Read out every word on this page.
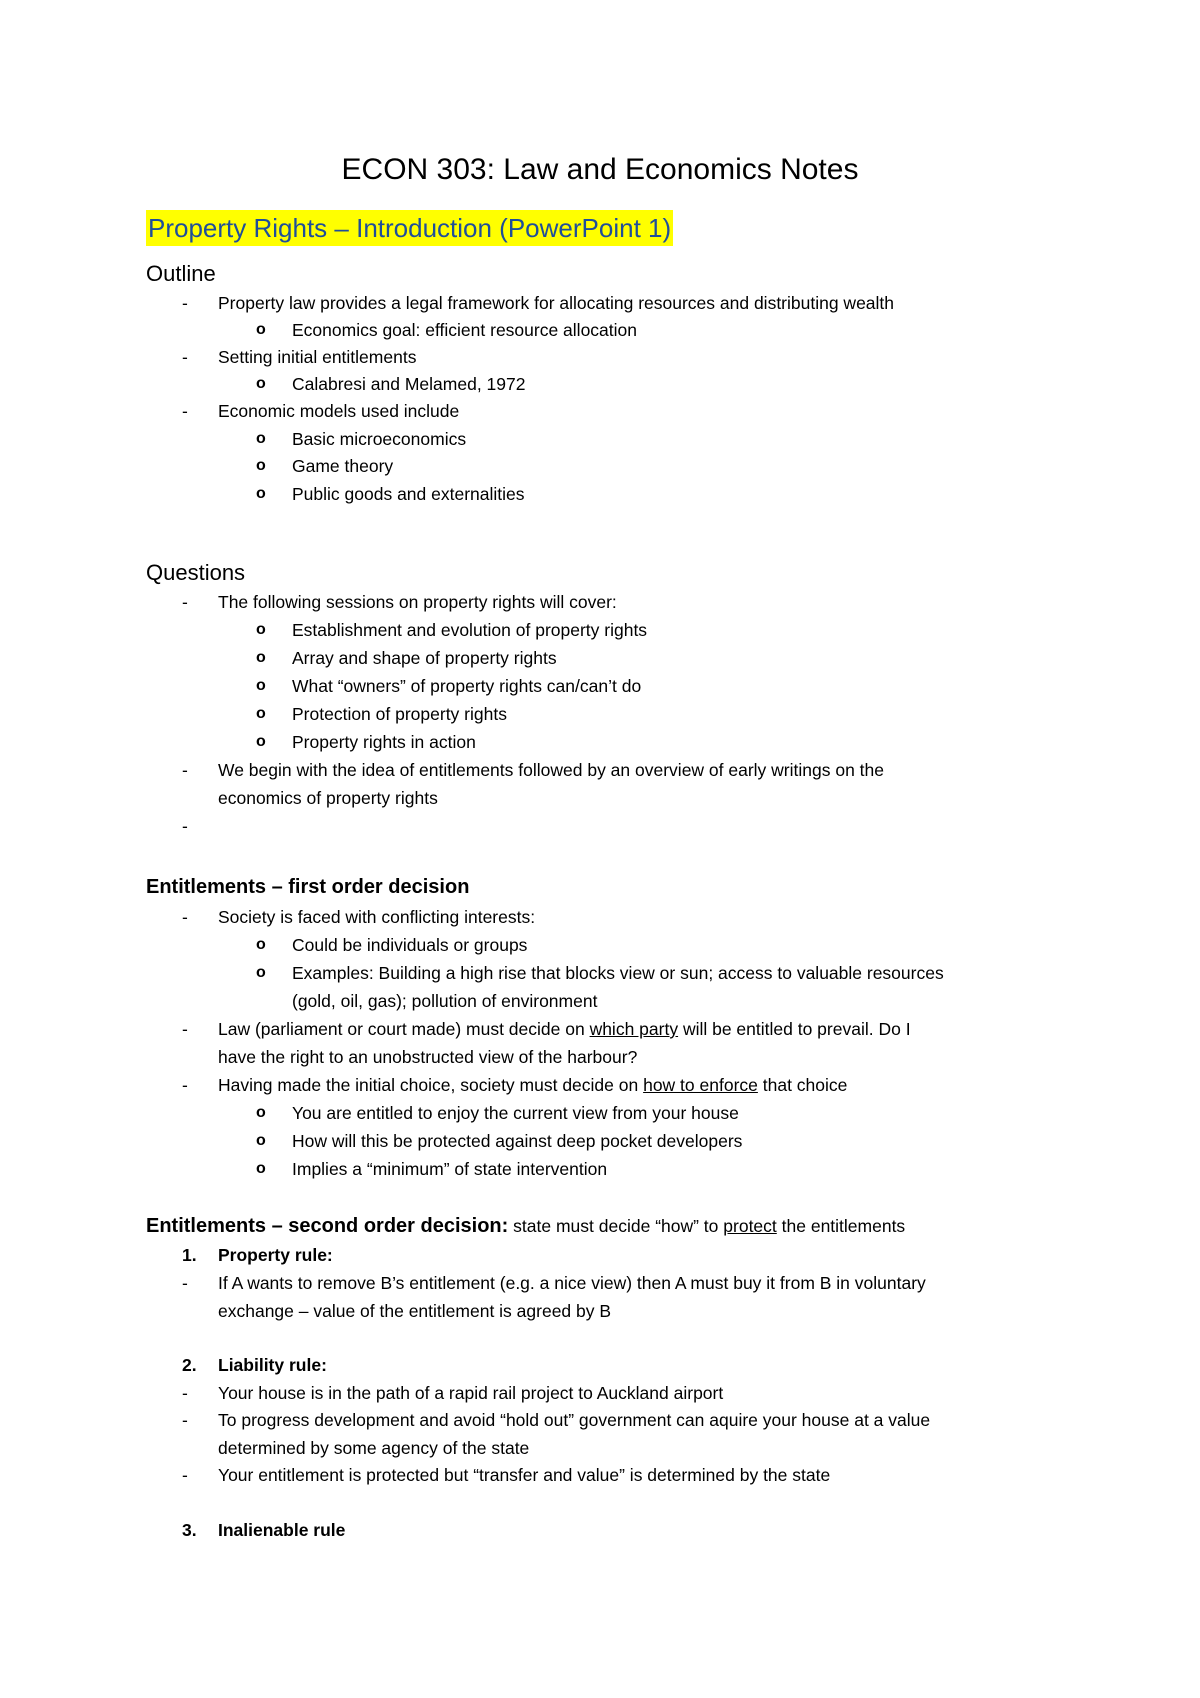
ECON 303: Law and Economics Notes
Property Rights – Introduction (PowerPoint 1)
Outline
- Property law provides a legal framework for allocating resources and distributing wealth
o Economics goal: efficient resource allocation
- Setting initial entitlements
o Calabresi and Melamed, 1972
- Economic models used include
o Basic microeconomics
o Game theory
o Public goods and externalities
Questions
- The following sessions on property rights will cover:
o Establishment and evolution of property rights
o Array and shape of property rights
o What “owners” of property rights can/can’t do
o Protection of property rights
o Property rights in action
- We begin with the idea of entitlements followed by an overview of early writings on the
economics of property rights
-
Entitlements – first order decision
- Society is faced with conflicting interests:
o Could be individuals or groups
o Examples: Building a high rise that blocks view or sun; access to valuable resources
(gold, oil, gas); pollution of environment
- Law (parliament or court made) must decide on which party will be entitled to prevail. Do I
have the right to an unobstructed view of the harbour?
- Having made the initial choice, society must decide on how to enforce that choice
o You are entitled to enjoy the current view from your house
o How will this be protected against deep pocket developers
o Implies a “minimum” of state intervention
Entitlements – second order decision: state must decide “how” to protect the entitlements
1. Property rule:
- If A wants to remove B’s entitlement (e.g. a nice view) then A must buy it from B in voluntary
exchange – value of the entitlement is agreed by B
2. Liability rule:
- Your house is in the path of a rapid rail project to Auckland airport
- To progress development and avoid “hold out” government can aquire your house at a value
determined by some agency of the state
- Your entitlement is protected but “transfer and value” is determined by the state
3. Inalienable rule
